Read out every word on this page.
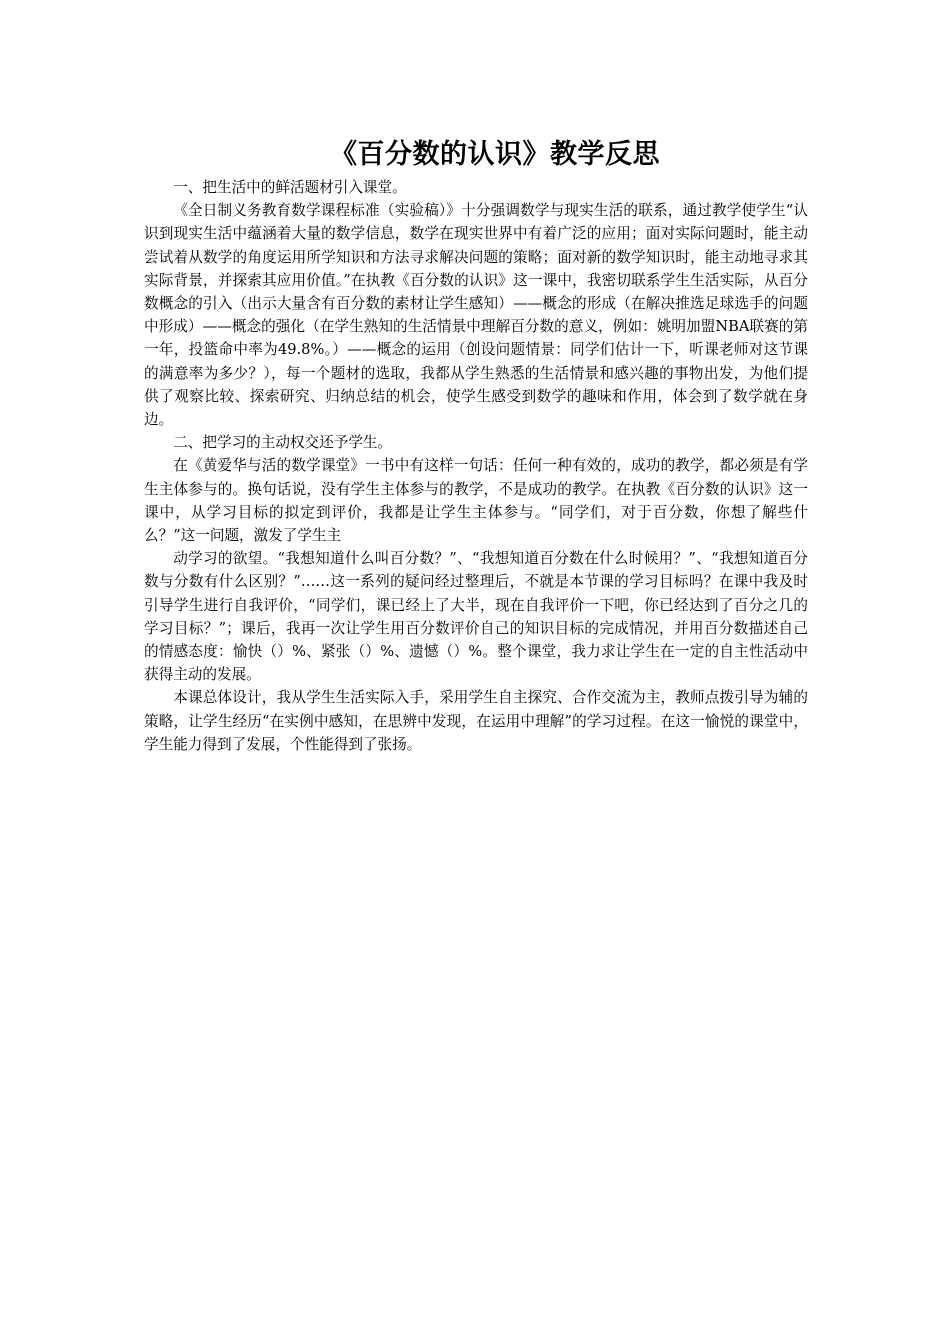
《百分数的认识》教学反思

一、把生活中的鲜活题材引入课堂。

《全日制义务教育数学课程标准（实验稿）》十分强调数学与现实生活的联系，通过教学使学生“认识到现实生活中蕴涵着大量的数学信息，数学在现实世界中有着广泛的应用；面对实际问题时，能主动尝试着从数学的角度运用所学知识和方法寻求解决问题的策略；面对新的数学知识时，能主动地寻求其实际背景，并探索其应用价值。”在执教《百分数的认识》这一课中，我密切联系学生生活实际，从百分数概念的引入（出示大量含有百分数的素材让学生感知）——概念的形成（在解决推选足球选手的问题中形成）——概念的强化（在学生熟知的生活情景中理解百分数的意义，例如：姚明加盟NBA联赛的第一年，投篮命中率为49.8%。）——概念的运用（创设问题情景：同学们估计一下，听课老师对这节课的满意率为多少？），每一个题材的选取，我都从学生熟悉的生活情景和感兴趣的事物出发，为他们提供了观察比较、探索研究、归纳总结的机会，使学生感受到数学的趣味和作用，体会到了数学就在身边。

二、把学习的主动权交还予学生。

在《黄爱华与活的数学课堂》一书中有这样一句话：任何一种有效的，成功的教学，都必须是有学生主体参与的。换句话说，没有学生主体参与的教学，不是成功的教学。在执教《百分数的认识》这一课中，从学习目标的拟定到评价，我都是让学生主体参与。“同学们，对于百分数，你想了解些什么？”这一问题，激发了学生主

动学习的欲望。“我想知道什么叫百分数？”、“我想知道百分数在什么时候用？”、“我想知道百分数与分数有什么区别？”……这一系列的疑问经过整理后，不就是本节课的学习目标吗？在课中我及时引导学生进行自我评价，“同学们，课已经上了大半，现在自我评价一下吧，你已经达到了百分之几的学习目标？”；课后，我再一次让学生用百分数评价自己的知识目标的完成情况，并用百分数描述自己的情感态度：愉快（）%、紧张（）%、遗憾（）%。整个课堂，我力求让学生在一定的自主性活动中获得主动的发展。

本课总体设计，我从学生生活实际入手，采用学生自主探究、合作交流为主，教师点拨引导为辅的策略，让学生经历“在实例中感知，在思辨中发现，在运用中理解”的学习过程。在这一愉悦的课堂中，学生能力得到了发展，个性能得到了张扬。
